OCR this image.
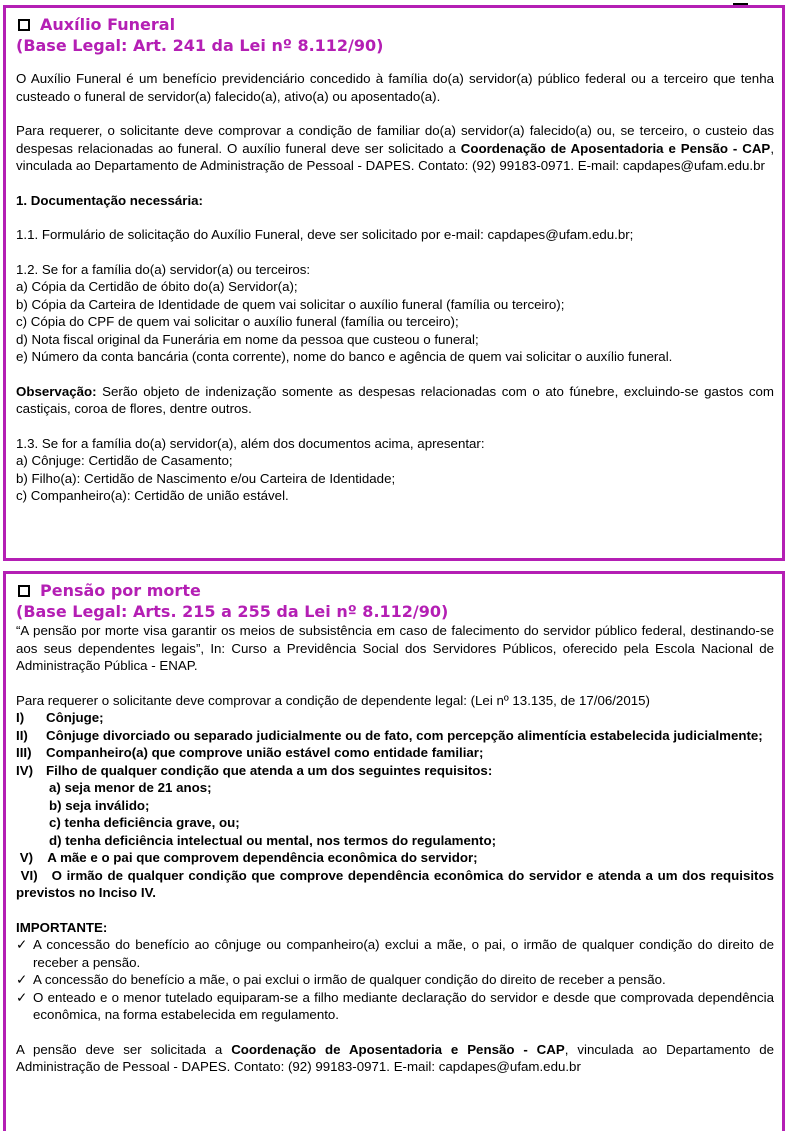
Auxílio Funeral
(Base Legal: Art. 241 da Lei nº 8.112/90)

O Auxílio Funeral é um benefício previdenciário concedido à família do(a) servidor(a) público federal ou a terceiro que tenha custeado o funeral de servidor(a) falecido(a), ativo(a) ou aposentado(a).

Para requerer, o solicitante deve comprovar a condição de familiar do(a) servidor(a) falecido(a) ou, se terceiro, o custeio das despesas relacionadas ao funeral. O auxílio funeral deve ser solicitado a Coordenação de Aposentadoria e Pensão - CAP, vinculada ao Departamento de Administração de Pessoal - DAPES. Contato: (92) 99183-0971. E-mail: capdapes@ufam.edu.br

1. Documentação necessária:

1.1. Formulário de solicitação do Auxílio Funeral, deve ser solicitado por e-mail: capdapes@ufam.edu.br;

1.2. Se for a família do(a) servidor(a) ou terceiros:

a) Cópia da Certidão de óbito do(a) Servidor(a);
b) Cópia da Carteira de Identidade de quem vai solicitar o auxílio funeral (família ou terceiro);
c) Cópia do CPF de quem vai solicitar o auxílio funeral (família ou terceiro);
d) Nota fiscal original da Funerária em nome da pessoa que custeou o funeral;
e) Número da conta bancária (conta corrente), nome do banco e agência de quem vai solicitar o auxílio funeral.

Observação: Serão objeto de indenização somente as despesas relacionadas com o ato fúnebre, excluindo-se gastos com castiçais, coroa de flores, dentre outros.

1.3. Se for a família do(a) servidor(a), além dos documentos acima, apresentar:

a) Cônjuge: Certidão de Casamento;
b) Filho(a): Certidão de Nascimento e/ou Carteira de Identidade;
c) Companheiro(a): Certidão de união estável.
Pensão por morte
(Base Legal: Arts. 215 a 255 da Lei nº 8.112/90)

“A pensão por morte visa garantir os meios de subsistência em caso de falecimento do servidor público federal, destinando-se aos seus dependentes legais”, In: Curso a Previdência Social dos Servidores Públicos, oferecido pela Escola Nacional de Administração Pública - ENAP.

Para requerer o solicitante deve comprovar a condição de dependente legal: (Lei nº 13.135, de 17/06/2015)

I)	Cônjuge;
II)	Cônjuge divorciado ou separado judicialmente ou de fato, com percepção alimentícia estabelecida judicialmente;
III)	Companheiro(a) que comprove união estável como entidade familiar;
IV) Filho de qualquer condição que atenda a um dos seguintes requisitos:
a) seja menor de 21 anos;
b) seja inválido;
c) tenha deficiência grave, ou;
d) tenha deficiência intelectual ou mental, nos termos do regulamento;

V)    A mãe e o pai que comprovem dependência econômica do servidor;

VI)   O irmão de qualquer condição que comprove dependência econômica do servidor e atenda a um dos requisitos previstos no Inciso IV.

IMPORTANTE:

✓ A concessão do benefício ao cônjuge ou companheiro(a) exclui a mãe, o pai, o irmão de qualquer condição do direito de receber a pensão.
✓ A concessão do benefício a mãe, o pai exclui o irmão de qualquer condição do direito de receber a pensão.
✓ O enteado e o menor tutelado equiparam-se a filho mediante declaração do servidor e desde que comprovada dependência econômica, na forma estabelecida em regulamento.

A pensão deve ser solicitada a Coordenação de Aposentadoria e Pensão - CAP, vinculada ao Departamento de Administração de Pessoal - DAPES. Contato: (92) 99183-0971. E-mail: capdapes@ufam.edu.br
